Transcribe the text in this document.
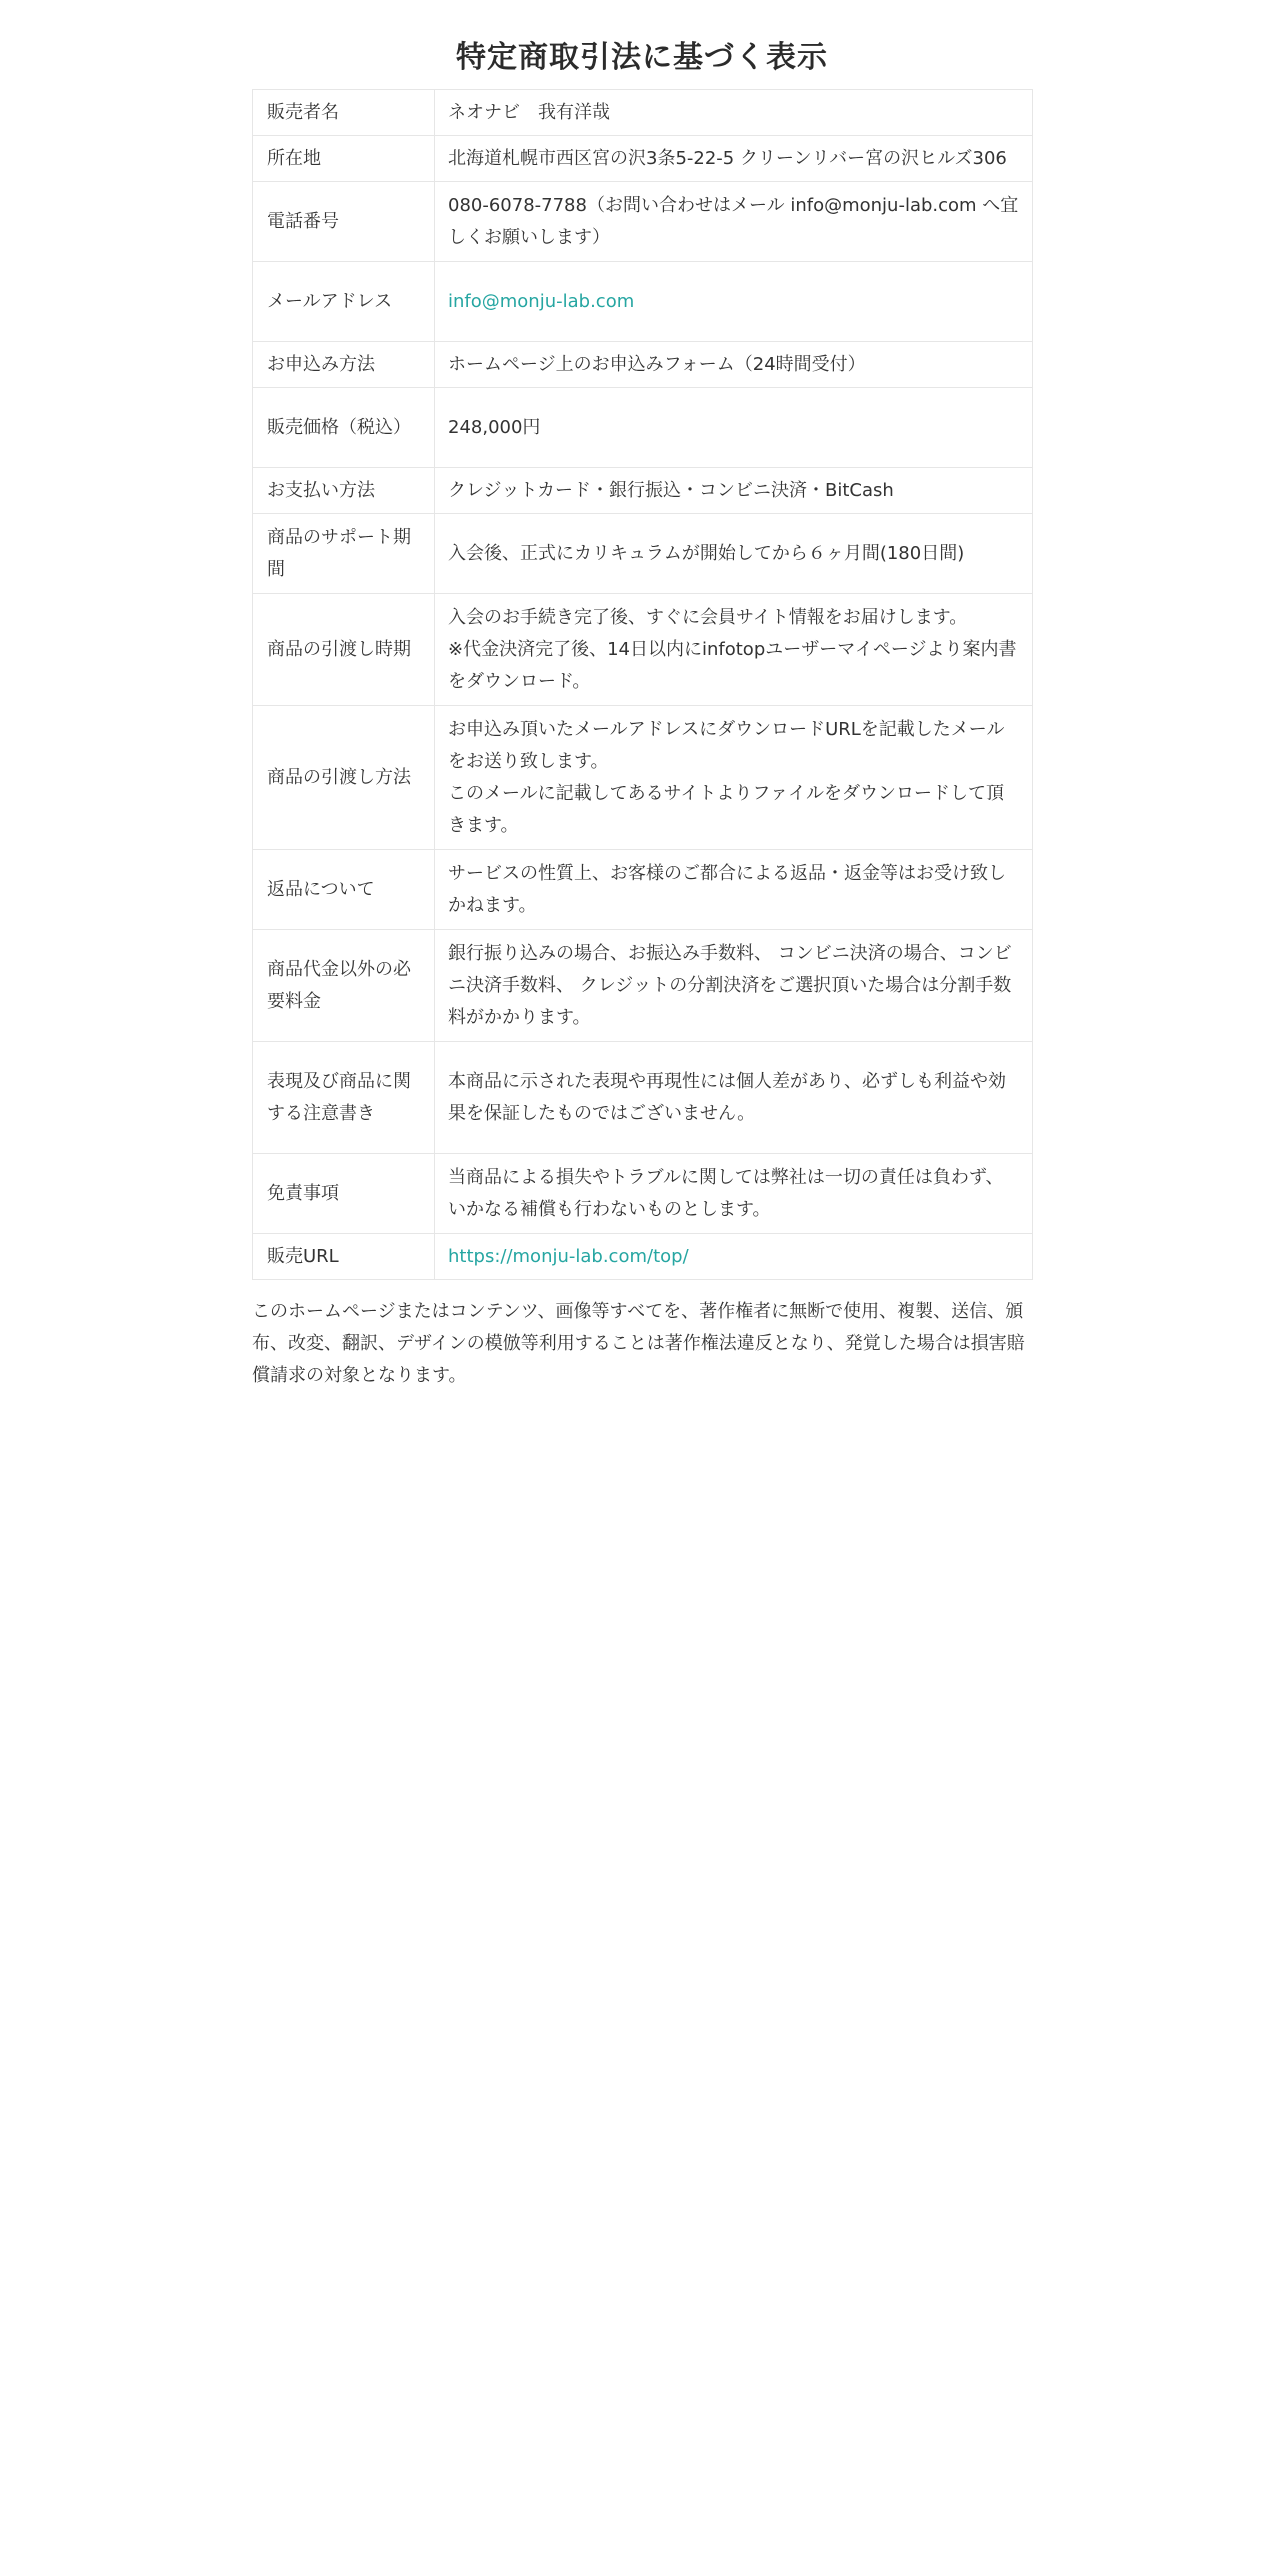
特定商取引法に基づく表示
販売者名	ネオナビ　我有洋哉
所在地	北海道札幌市西区宮の沢3条5-22-5 クリーンリバー宮の沢ヒルズ306
電話番号	080-6078-7788（お問い合わせはメール info@monju-lab.com へ宜しくお願いします）
メールアドレス	info@monju-lab.com
お申込み方法	ホームページ上のお申込みフォーム（24時間受付）
販売価格（税込）	248,000円
お支払い方法	クレジットカード・銀行振込・コンビニ決済・BitCash
商品のサポート期間	入会後、正式にカリキュラムが開始してから６ヶ月間(180日間)
商品の引渡し時期	入会のお手続き完了後、すぐに会員サイト情報をお届けします。
※代金決済完了後、14日以内にinfotopユーザーマイページより案内書をダウンロード。

商品の引渡し方法	お申込み頂いたメールアドレスにダウンロードURLを記載したメールをお送り致します。
このメールに記載してあるサイトよりファイルをダウンロードして頂きます。

返品について	サービスの性質上、お客様のご都合による返品・返金等はお受け致しかねます。
商品代金以外の必要料金	銀行振り込みの場合、お振込み手数料、 コンビニ決済の場合、コンビニ決済手数料、 クレジットの分割決済をご選択頂いた場合は分割手数料がかかります。
表現及び商品に関する注意書き	本商品に示された表現や再現性には個人差があり、必ずしも利益や効果を保証したものではございません。
免責事項	当商品による損失やトラブルに関しては弊社は一切の責任は負わず、 いかなる補償も行わないものとします。
販売URL	https://monju-lab.com/top/

このホームページまたはコンテンツ、画像等すべてを、著作権者に無断で使用、複製、送信、頒布、改変、翻訳、デザインの模倣等利用することは著作権法違反となり、発覚した場合は損害賠償請求の対象となります。
